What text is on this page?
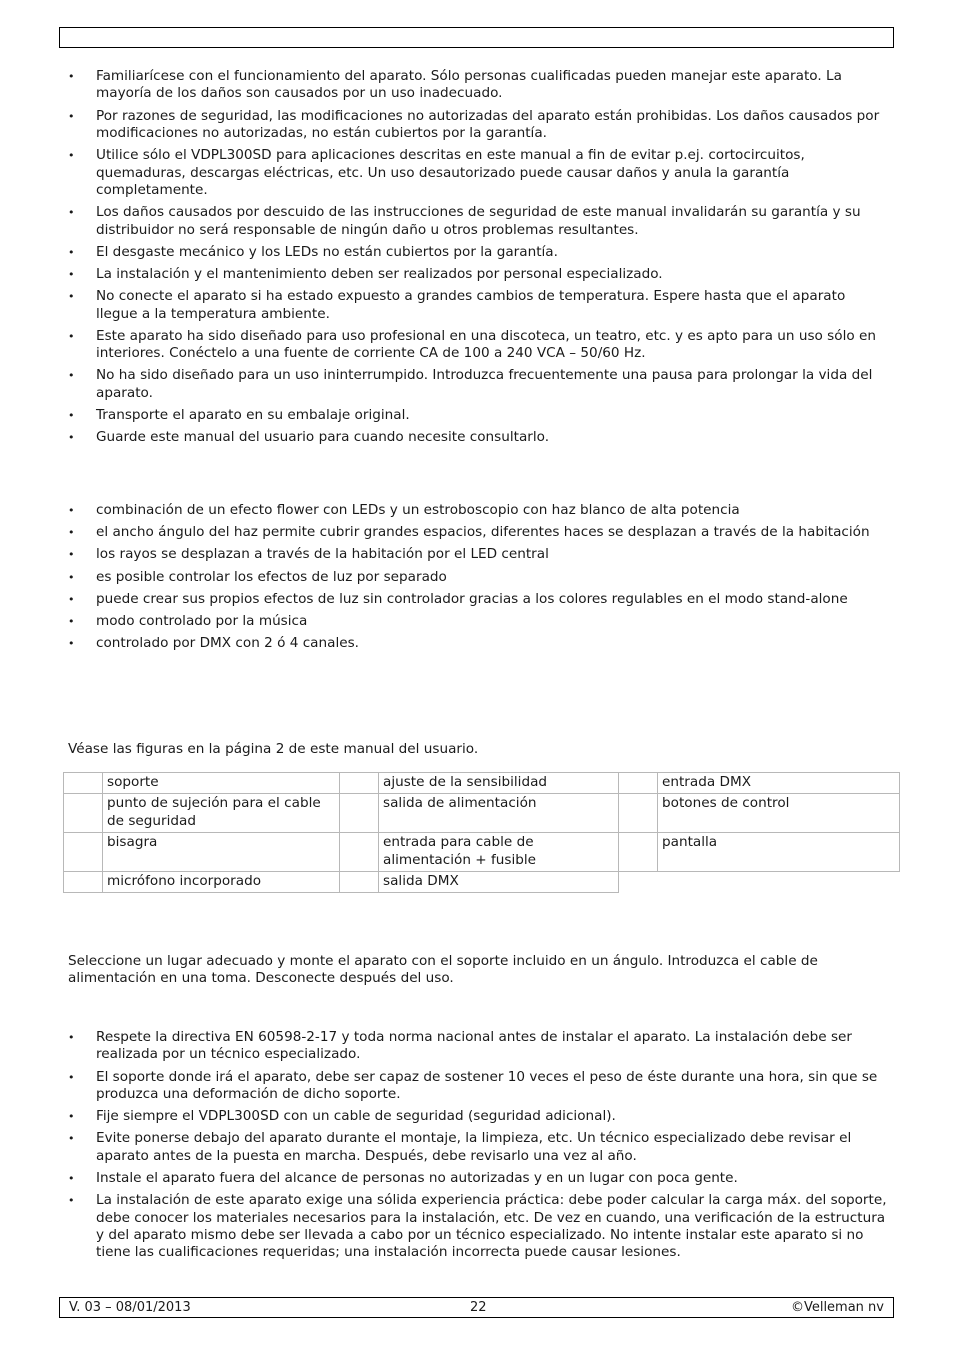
• Familiarícese con el funcionamiento del aparato. Sólo personas cualificadas pueden manejar este aparato. La mayoría de los daños son causados por un uso inadecuado.
• Por razones de seguridad, las modificaciones no autorizadas del aparato están prohibidas. Los daños causados por modificaciones no autorizadas, no están cubiertos por la garantía.
• Utilice sólo el VDPL300SD para aplicaciones descritas en este manual a fin de evitar p.ej. cortocircuitos, quemaduras, descargas eléctricas, etc. Un uso desautorizado puede causar daños y anula la garantía completamente.
• Los daños causados por descuido de las instrucciones de seguridad de este manual invalidarán su garantía y su distribuidor no será responsable de ningún daño u otros problemas resultantes.
• El desgaste mecánico y los LEDs no están cubiertos por la garantía.
• La instalación y el mantenimiento deben ser realizados por personal especializado.
• No conecte el aparato si ha estado expuesto a grandes cambios de temperatura. Espere hasta que el aparato llegue a la temperatura ambiente.
• Este aparato ha sido diseñado para uso profesional en una discoteca, un teatro, etc. y es apto para un uso sólo en interiores. Conéctelo a una fuente de corriente CA de 100 a 240 VCA – 50/60 Hz.
• No ha sido diseñado para un uso ininterrumpido. Introduzca frecuentemente una pausa para prolongar la vida del aparato.
• Transporte el aparato en su embalaje original.
• Guarde este manual del usuario para cuando necesite consultarlo.
• combinación de un efecto flower con LEDs y un estroboscopio con haz blanco de alta potencia
• el ancho ángulo del haz permite cubrir grandes espacios, diferentes haces se desplazan a través de la habitación
• los rayos se desplazan a través de la habitación por el LED central
• es posible controlar los efectos de luz por separado
• puede crear sus propios efectos de luz sin controlador gracias a los colores regulables en el modo stand-alone
• modo controlado por la música
• controlado por DMX con 2 ó 4 canales.

Véase las figuras en la página 2 de este manual del usuario.

	soporte		ajuste de la sensibilidad		entrada DMX
	punto de sujeción para el cable de seguridad		salida de alimentación		botones de control
	bisagra		entrada para cable de alimentación + fusible		pantalla
	micrófono incorporado		salida DMX		

Seleccione un lugar adecuado y monte el aparato con el soporte incluido en un ángulo. Introduzca el cable de alimentación en una toma. Desconecte después del uso.

• Respete la directiva EN 60598-2-17 y toda norma nacional antes de instalar el aparato. La instalación debe ser realizada por un técnico especializado.
• El soporte donde irá el aparato, debe ser capaz de sostener 10 veces el peso de éste durante una hora, sin que se produzca una deformación de dicho soporte.
• Fije siempre el VDPL300SD con un cable de seguridad (seguridad adicional).
• Evite ponerse debajo del aparato durante el montaje, la limpieza, etc. Un técnico especializado debe revisar el aparato antes de la puesta en marcha. Después, debe revisarlo una vez al año.
• Instale el aparato fuera del alcance de personas no autorizadas y en un lugar con poca gente.
• La instalación de este aparato exige una sólida experiencia práctica: debe poder calcular la carga máx. del soporte, debe conocer los materiales necesarios para la instalación, etc. De vez en cuando, una verificación de la estructura y del aparato mismo debe ser llevada a cabo por un técnico especializado. No intente instalar este aparato si no tiene las cualificaciones requeridas; una instalación incorrecta puede causar lesiones.
V. 03 – 08/01/2013	22	©Velleman nv
